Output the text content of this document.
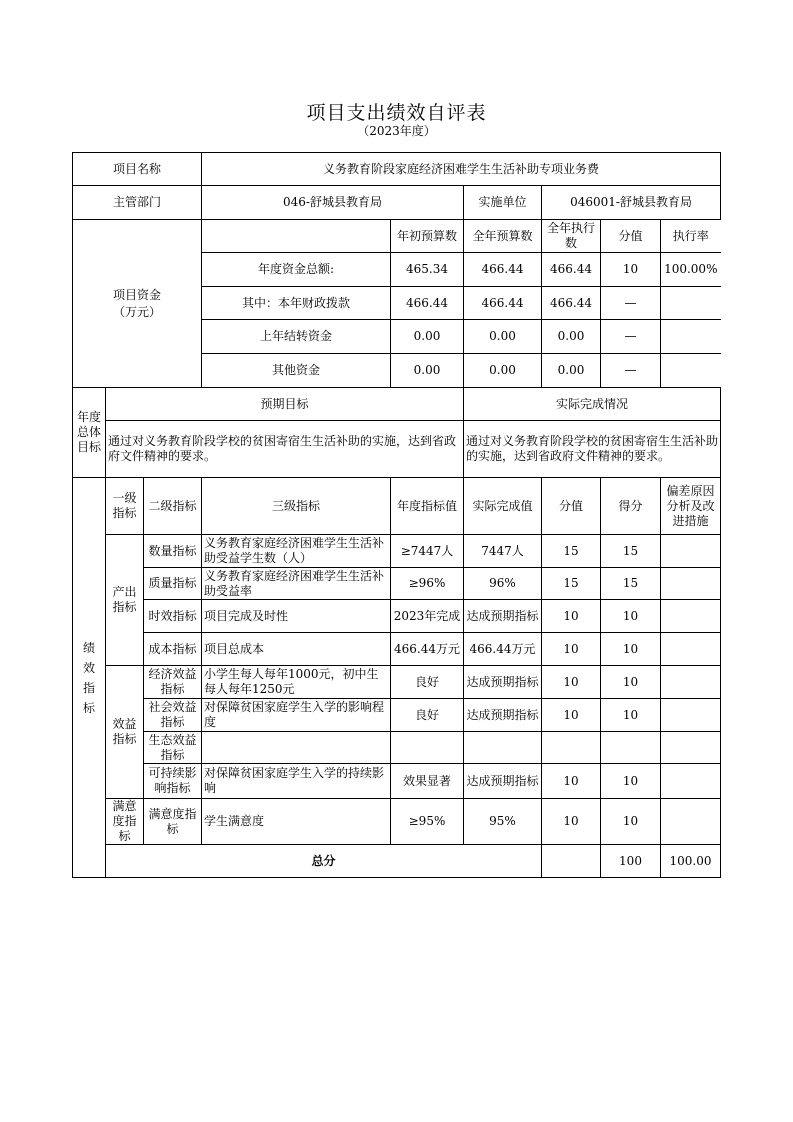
项目支出绩效自评表
（2023年度）
项目名称			义务教育阶段家庭经济困难学生生活补助专项业务费						
主管部门			046-舒城县教育局		实施单位	046001-舒城县教育局			
项目资金
（万元）				年初预算数	全年预算数	全年执行数	分值	执行率	
			年度资金总额:	465.34	466.44	466.44	10	100.00%	
			其中：本年财政拨款	466.44	466.44	466.44	—		
			上年结转资金	0.00	0.00	0.00	—		
			其他资金	0.00	0.00	0.00	—		
年度总体目标	预期目标				实际完成情况				
	通过对义务教育阶段学校的贫困寄宿生生活补助的实施，达到省政府文件精神的要求。				通过对义务教育阶段学校的贫困寄宿生生活补助的实施，达到省政府文件精神的要求。				
绩效指标	一级指标	二级指标	三级指标	年度指标值	实际完成值	分值	得分	偏差原因分析及改进措施	
	产出指标	数量指标	义务教育家庭经济困难学生生活补助受益学生数（人）	≥7447人	7447人	15	15		
		质量指标	义务教育家庭经济困难学生生活补助受益率	≥96%	96%	15	15		
		时效指标	项目完成及时性	2023年完成	达成预期指标	10	10		
		成本指标	项目总成本	466.44万元	466.44万元	10	10		
	效益指标	经济效益指标	小学生每人每年1000元，初中生每人每年1250元	良好	达成预期指标	10	10		
		社会效益指标	对保障贫困家庭学生入学的影响程度	良好	达成预期指标	10	10		
		生态效益指标							
		可持续影响指标	对保障贫困家庭学生入学的持续影响	效果显著	达成预期指标	10	10		
	满意度指标	满意度指标	学生满意度	≥95%	95%	10	10		
	总分						100	100.00	
